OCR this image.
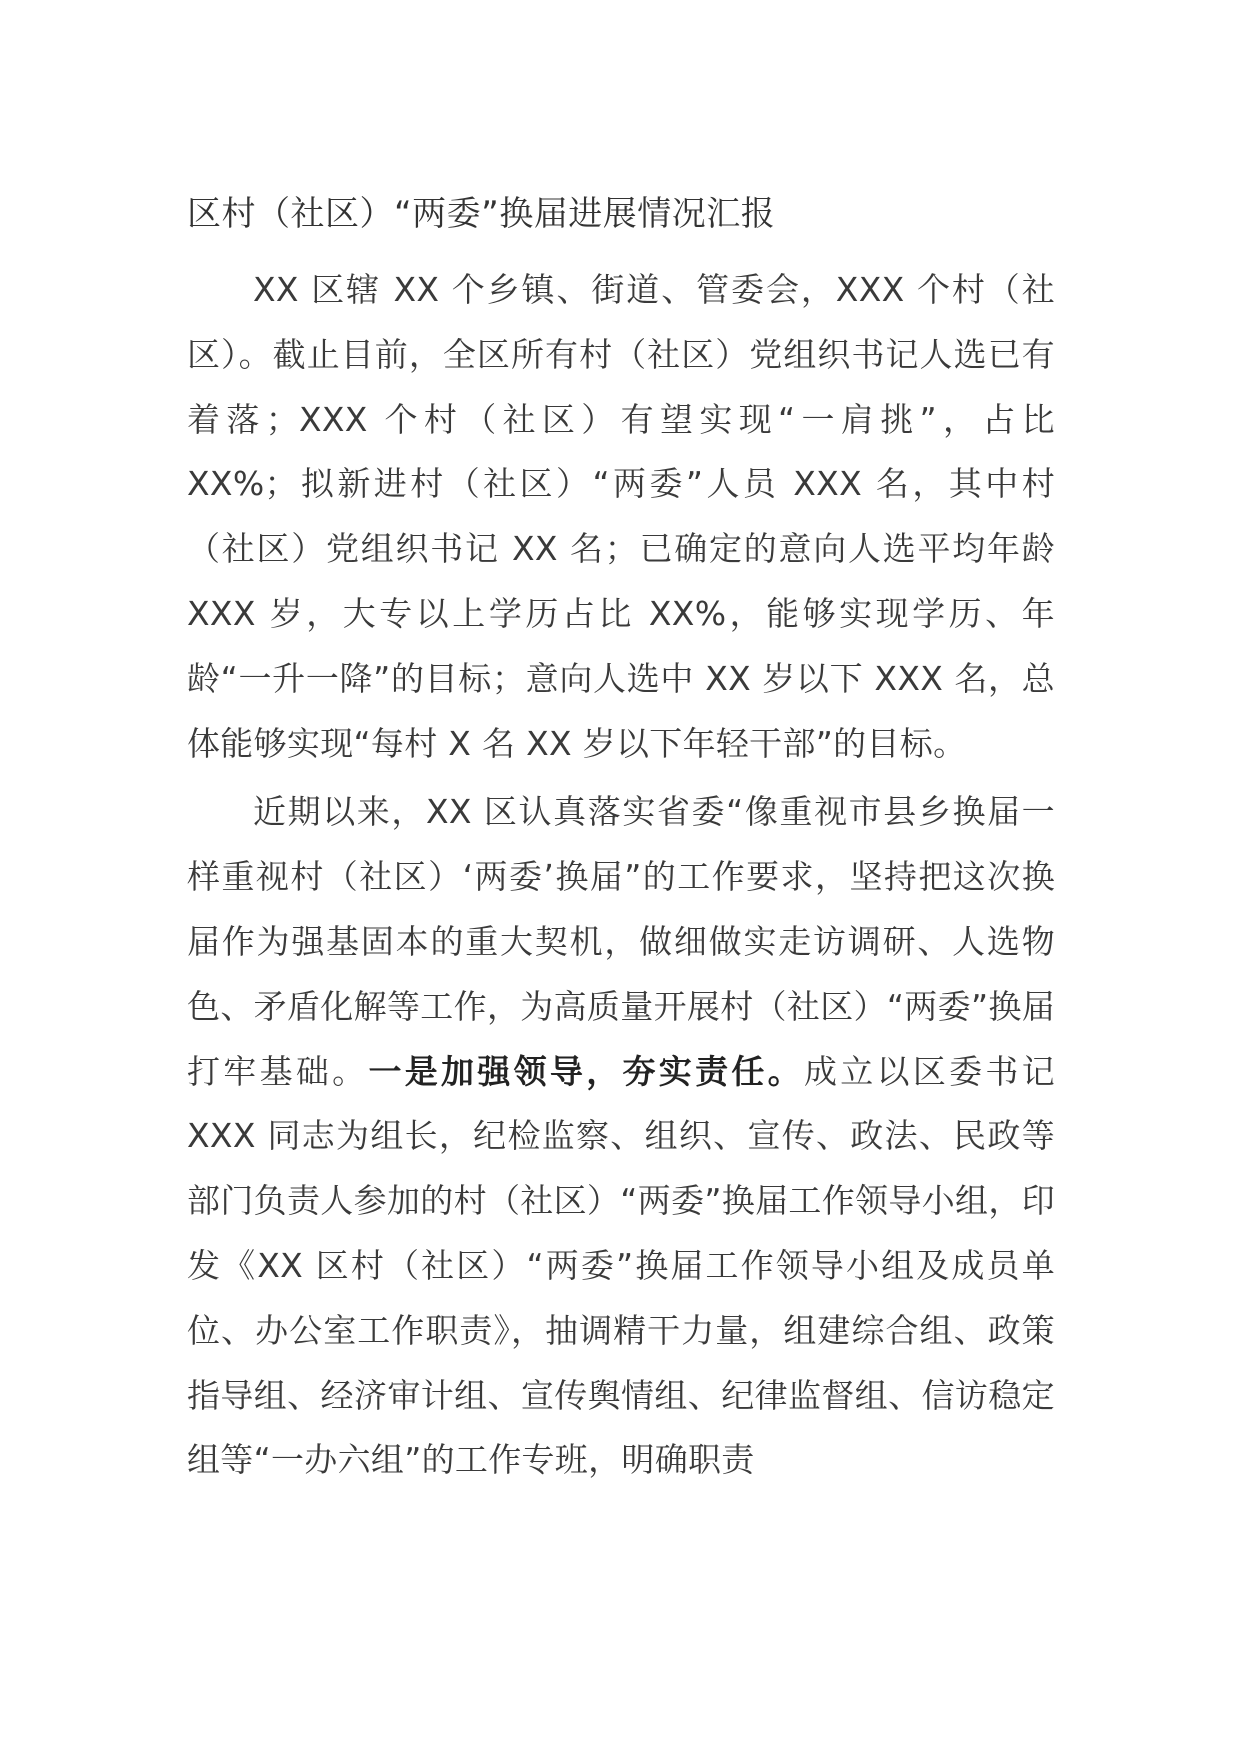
区村（社区）“两委”换届进展情况汇报

XX 区辖 XX 个乡镇、街道、管委会，XXX 个村（社区）。截止目前，全区所有村（社区）党组织书记人选已有着落；XXX 个村（社区）有望实现“一肩挑”，占比 XX%；拟新进村（社区）“两委”人员 XXX 名，其中村（社区）党组织书记 XX 名；已确定的意向人选平均年龄 XXX 岁，大专以上学历占比 XX%，能够实现学历、年龄“一升一降”的目标；意向人选中 XX 岁以下 XXX 名，总体能够实现“每村 X 名 XX 岁以下年轻干部”的目标。

近期以来，XX 区认真落实省委“像重视市县乡换届一样重视村（社区）‘两委’换届”的工作要求，坚持把这次换届作为强基固本的重大契机，做细做实走访调研、人选物色、矛盾化解等工作，为高质量开展村（社区）“两委”换届打牢基础。一是加强领导，夯实责任。成立以区委书记 XXX 同志为组长，纪检监察、组织、宣传、政法、民政等部门负责人参加的村（社区）“两委”换届工作领导小组，印发《XX 区村（社区）“两委”换届工作领导小组及成员单位、办公室工作职责》，抽调精干力量，组建综合组、政策指导组、经济审计组、宣传舆情组、纪律监督组、信访稳定组等“一办六组”的工作专班，明确职责
